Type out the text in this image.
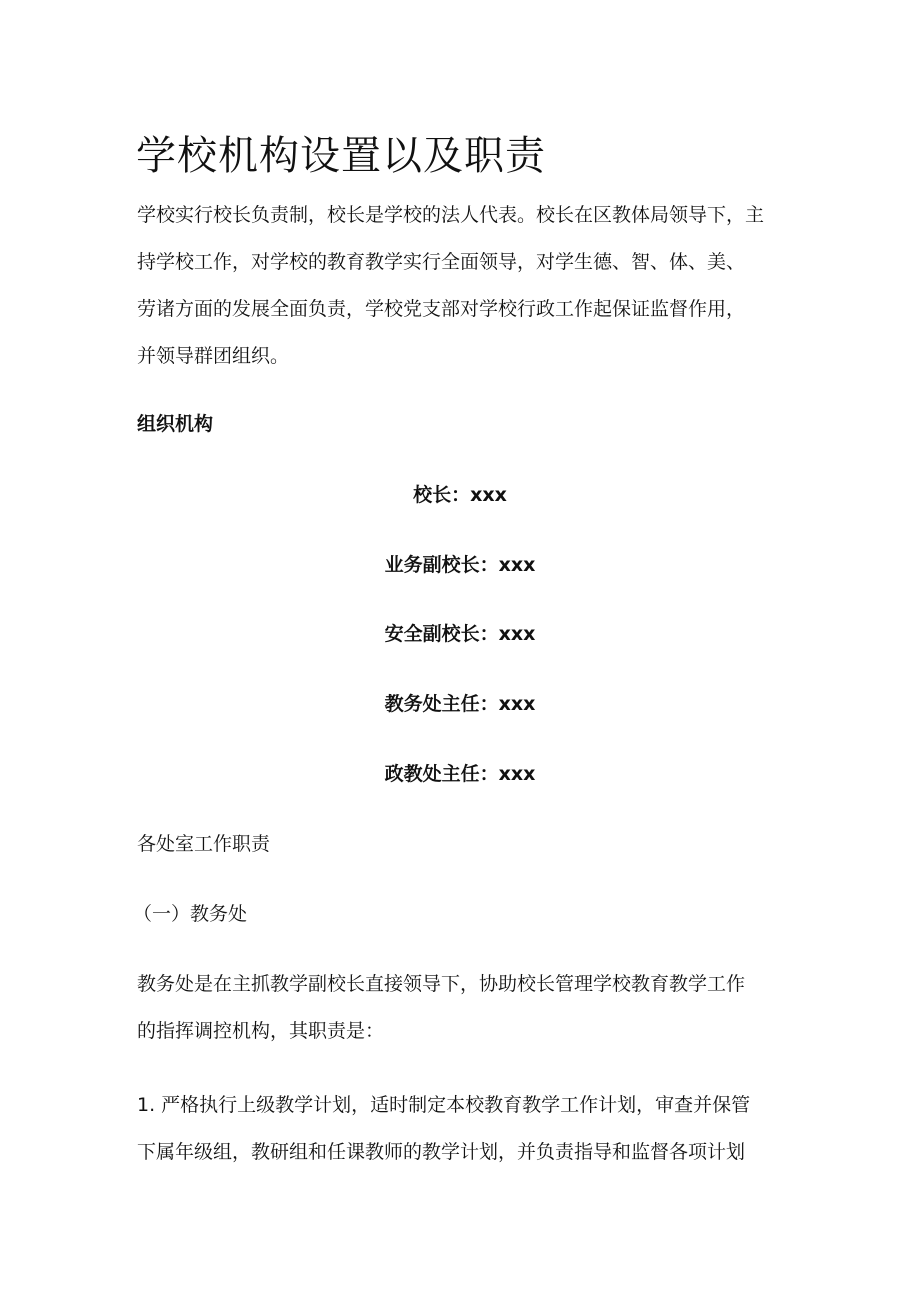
学校机构设置以及职责

学校实行校长负责制，校长是学校的法人代表。校长在区教体局领导下，主
持学校工作，对学校的教育教学实行全面领导，对学生德、智、体、美、
劳诸方面的发展全面负责，学校党支部对学校行政工作起保证监督作用，
并领导群团组织。

组织机构

校长：xxx

业务副校长：xxx

安全副校长：xxx

教务处主任：xxx

政教处主任：xxx

各处室工作职责

（一）教务处

教务处是在主抓教学副校长直接领导下，协助校长管理学校教育教学工作
的指挥调控机构，其职责是：

1. 严格执行上级教学计划，适时制定本校教育教学工作计划，审查并保管
下属年级组，教研组和任课教师的教学计划，并负责指导和监督各项计划
